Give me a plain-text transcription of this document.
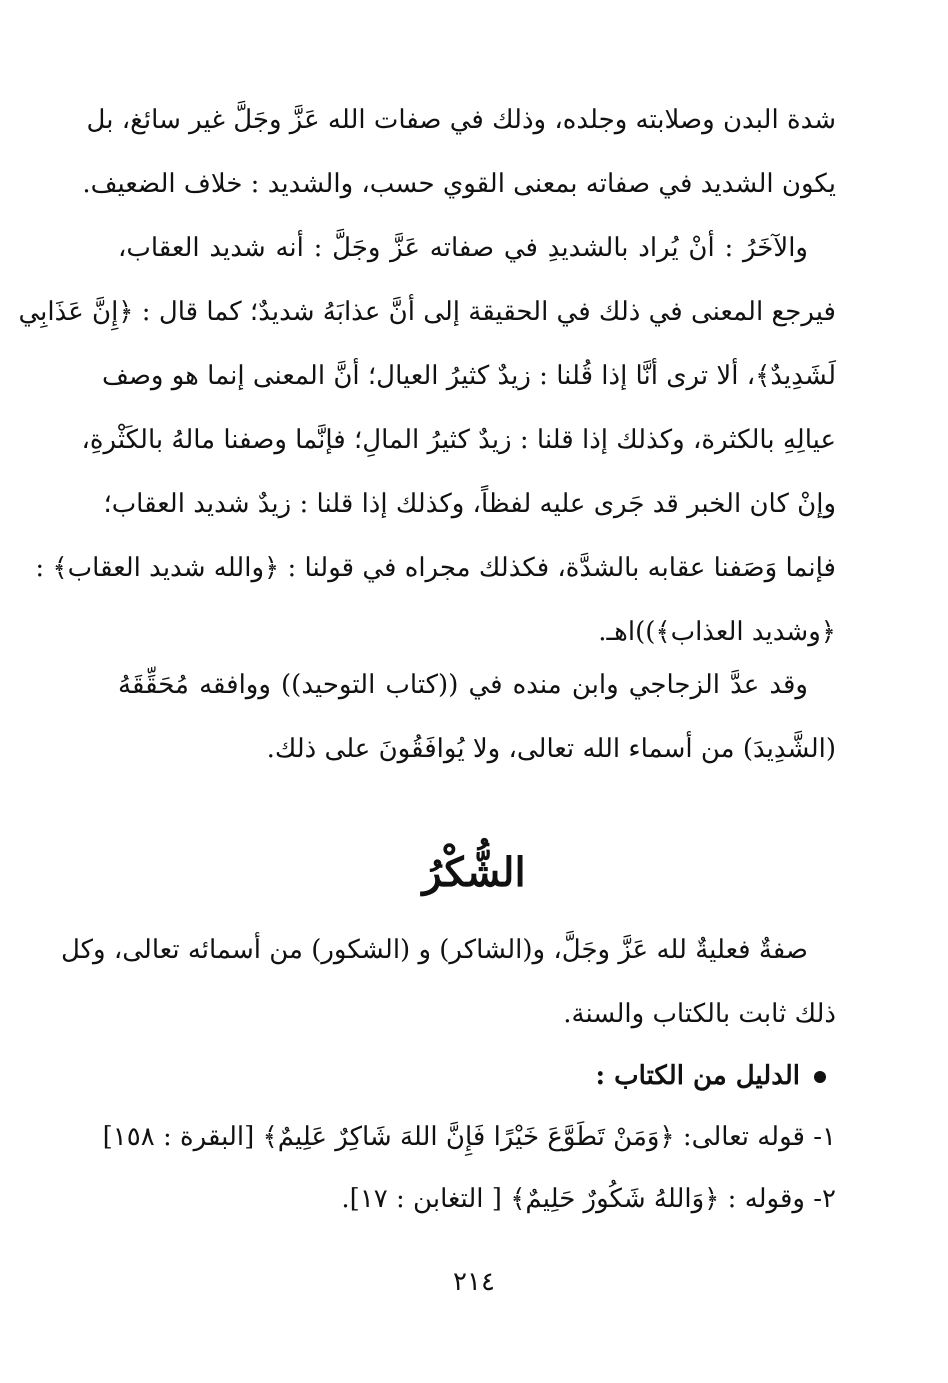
شدة البدن وصلابته وجلده، وذلك في صفات الله عَزَّ وجَلَّ غير سائغ، بل
يكون الشديد في صفاته بمعنى القوي حسب، والشديد : خلاف الضعيف.
والآخَرُ : أنْ يُراد بالشديدِ في صفاته عَزَّ وجَلَّ : أنه شديد العقاب،
فيرجع المعنى في ذلك في الحقيقة إلى أنَّ عذابَهُ شديدٌ؛ كما قال : ﴿إِنَّ عَذَابِي
لَشَدِيدٌ﴾، ألا ترى أنَّا إذا قُلنا : زيدٌ كثيرُ العيال؛ أنَّ المعنى إنما هو وصف
عيالِهِ بالكثرة، وكذلك إذا قلنا : زيدٌ كثيرُ المالِ؛ فإنَّما وصفنا مالهُ بالكَثْرةِ،
وإنْ كان الخبر قد جَرى عليه لفظاً، وكذلك إذا قلنا : زيدٌ شديد العقاب؛
فإنما وَصَفنا عقابه بالشدَّة، فكذلك مجراه في قولنا : ﴿والله شديد العقاب﴾ :
﴿وشديد العذاب﴾))اهـ.
وقد عدَّ الزجاجي وابن منده في ((كتاب التوحيد)) ووافقه مُحَقِّقَهُ
(الشَّدِيدَ) من أسماء الله تعالى، ولا يُوافَقُونَ على ذلك.
الشُّكْرُ
صفةٌ فعليةٌ لله عَزَّ وجَلَّ، و(الشاكر) و (الشكور) من أسمائه تعالى، وكل
ذلك ثابت بالكتاب والسنة.
الدليل من الكتاب :
١- قوله تعالى: ﴿وَمَنْ تَطَوَّعَ خَيْرًا فَإِنَّ اللهَ شَاكِرٌ عَلِيمٌ﴾ [البقرة : ١٥٨]
٢- وقوله : ﴿وَاللهُ شَكُورٌ حَلِيمٌ﴾ [ التغابن : ١٧].
٢١٤
